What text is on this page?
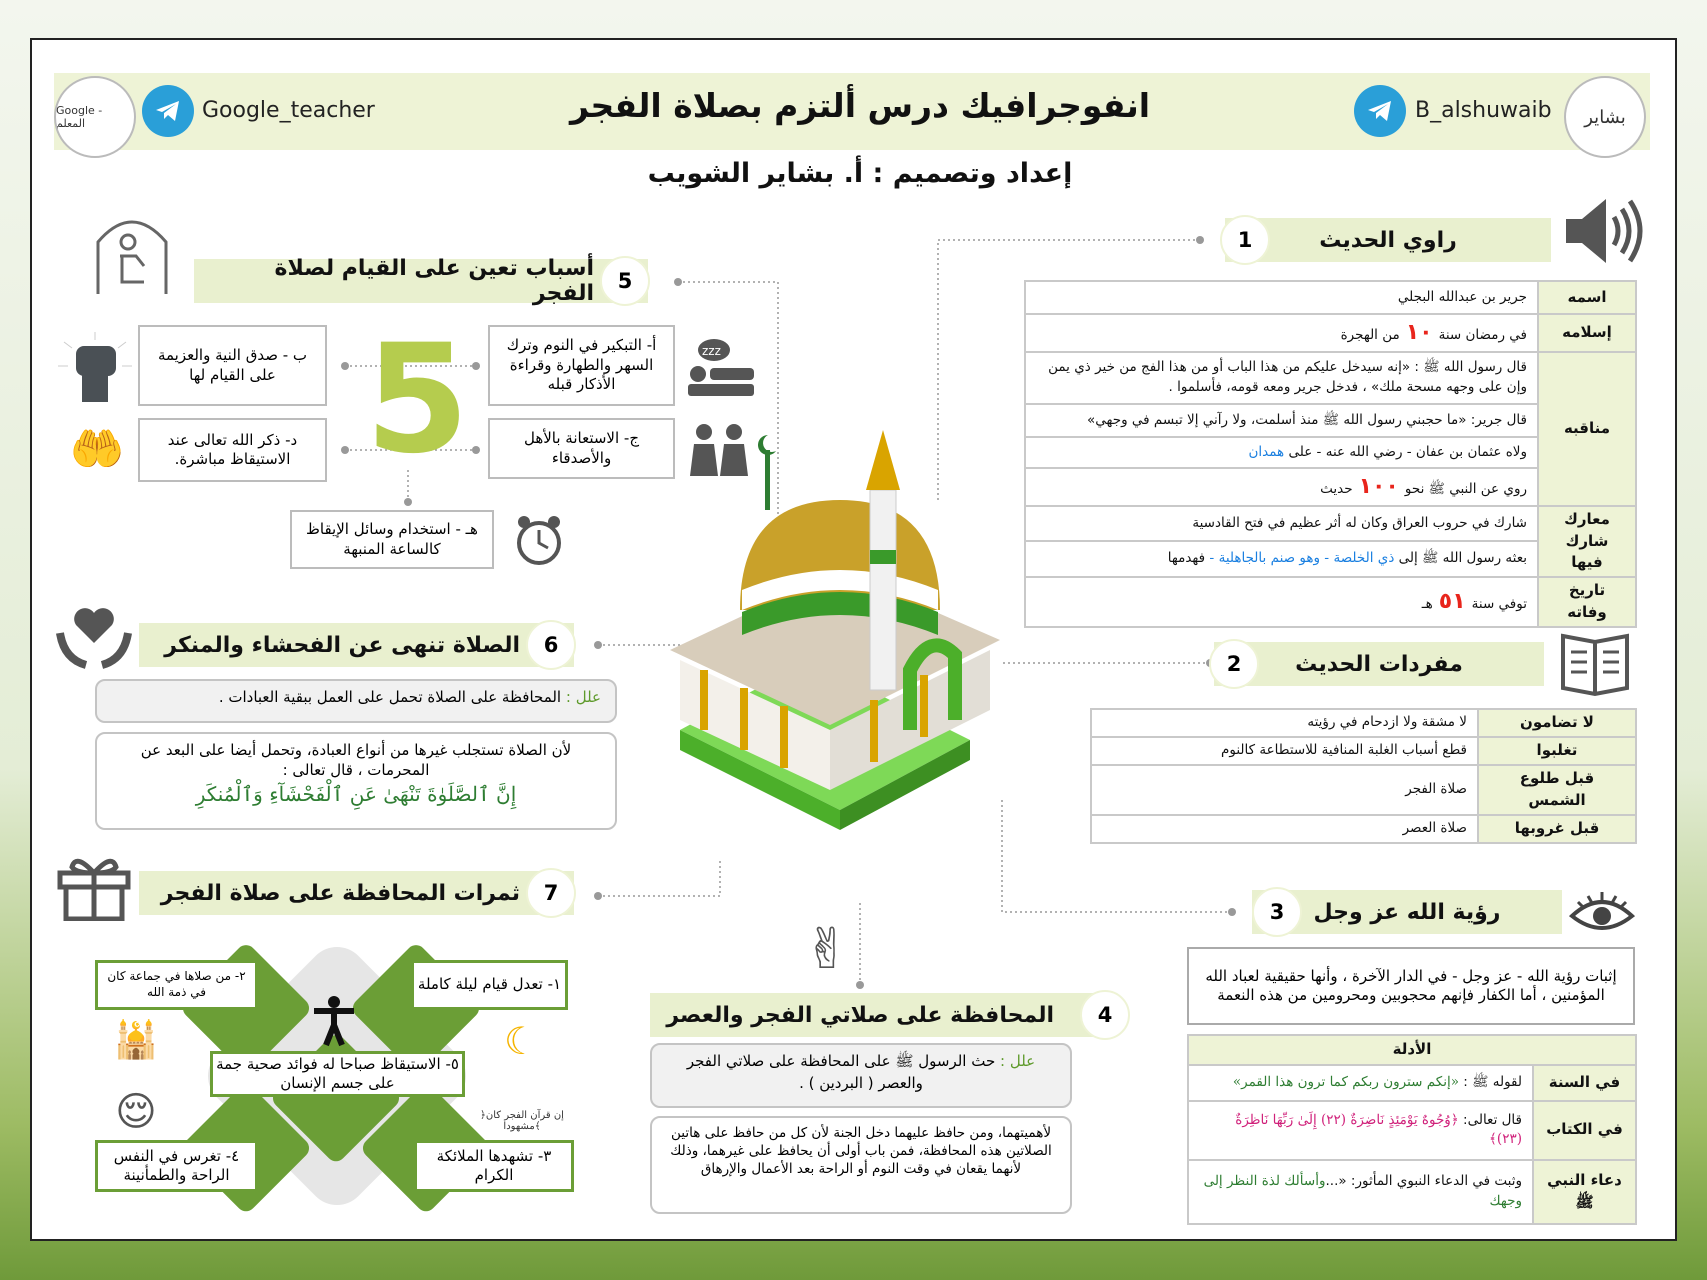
Google - المعلم
Google_teacher	انفوجرافيك درس ألتزم بصلاة الفجر	B_alshuwaib بشاير
إعداد وتصميم : أ. بشاير الشويب
راوي الحديث
1
اسمه	جرير بن عبدالله البجلي
إسلامه	في رمضان سنة١٠من الهجرة
مناقبه	قال رسول الله ﷺ : «إنه سيدخل عليكم من هذا الباب أو من هذا الفج من خير ذي يمن وإن على وجهه مسحة ملك» ، فدخل جرير ومعه قومه، فأسلموا .
	قال جرير: «ما حجبني رسول الله ﷺ منذ أسلمت، ولا رآني إلا تبسم في وجهي»
	ولاه عثمان بن عفان - رضي الله عنه - على همدان
	روي عن النبي ﷺ نحو١٠٠حديث
معارك شارك فيها	شارك في حروب العراق وكان له أثر عظيم في فتح القادسية
	بعثه رسول الله ﷺ إلى ذي الخلصة - وهو صنم بالجاهلية - فهدمها
تاريخ وفاته	توفي سنة٥١هـ
مفردات الحديث
2
لا تضامون	لا مشقة ولا ازدحام في رؤيته
تغلبوا	قطع أسباب الغلبة المنافية للاستطاعة كالنوم
قبل طلوع الشمس	صلاة الفجر
قبل غروبها	صلاة العصر
رؤية الله عز وجل
3
إثبات رؤية الله - عز وجل - في الدار الآخرة ، وأنها حقيقية لعباد الله المؤمنين ، أما الكفار فإنهم محجوبين ومحرومين من هذه النعمة
الأدلة	
في السنة	لقوله ﷺ : «إنكم سترون ربكم كما ترون هذا القمر»
في الكتاب	قال تعالى: ﴿وُجُوهٌ يَوْمَئِذٍ نَاضِرَةٌ (٢٢) إِلَىٰ رَبِّهَا نَاظِرَةٌ (٢٣)﴾
دعاء النبي ﷺ	وثبت في الدعاء النبوي المأثور: «...وأسألك لذة النظر إلى وجهك
✌
المحافظة على صلاتي الفجر والعصر	4
علل : حث الرسول ﷺ على المحافظة على صلاتي الفجر والعصر ( البردين ) .
لأهميتهما، ومن حافظ عليهما دخل الجنة لأن كل من حافظ على هاتين الصلاتين هذه المحافظة، فمن باب أولى أن يحافظ على غيرهما، وذلك لأنهما يقعان في وقت النوم أو الراحة بعد الأعمال والإرهاق
أسباب تعين على القيام لصلاة الفجر	5
5	أ- التبكير في النوم وترك السهر والطهارة وقراءة الأذكار قبله
ب - صدق النية والعزيمة على القيام لها
ج- الاستعانة بالأهل والأصدقاء
د- ذكر الله تعالى عند الاستيقاظ مباشرة.
هـ - استخدام وسائل الإيقاظ كالساعة المنبهة
zzz
🤲
الصلاة تنهى عن الفحشاء والمنكر	6
علل : المحافظة على الصلاة تحمل على العمل ببقية العبادات .
لأن الصلاة تستجلب غيرها من أنواع العبادة، وتحمل أيضا على البعد عن المحرمات ، قال تعالى :
إِنَّ ٱلصَّلَوٰةَ تَنْهَىٰ عَنِ ٱلْفَحْشَآءِ وَٱلْمُنكَرِ
ثمرات المحافظة على صلاة الفجر	7
١- تعدل قيام ليلة كاملة
٢- من صلاها في جماعة كان في ذمة الله
٣- تشهدها الملائكة الكرام
٤- تغرس في النفس الراحة والطمأنينة
٥- الاستيقاظ صباحا له فوائد صحية جمة على جسم الإنسان
🕌	☾
😌	﴿إن قرآن الفجر كان مشهودا﴾
